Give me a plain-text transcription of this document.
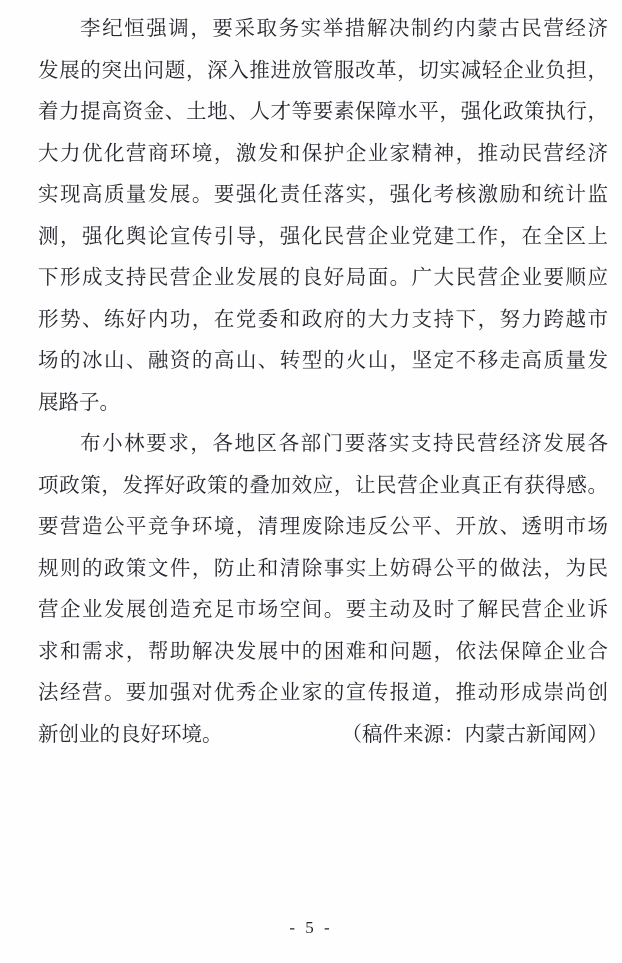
李纪恒强调，要采取务实举措解决制约内蒙古民营经济
发展的突出问题，深入推进放管服改革，切实减轻企业负担，
着力提高资金、土地、人才等要素保障水平，强化政策执行，
大力优化营商环境，激发和保护企业家精神，推动民营经济
实现高质量发展。要强化责任落实，强化考核激励和统计监
测，强化舆论宣传引导，强化民营企业党建工作，在全区上
下形成支持民营企业发展的良好局面。广大民营企业要顺应
形势、练好内功，在党委和政府的大力支持下，努力跨越市
场的冰山、融资的高山、转型的火山，坚定不移走高质量发
展路子。
布小林要求，各地区各部门要落实支持民营经济发展各
项政策，发挥好政策的叠加效应，让民营企业真正有获得感。
要营造公平竞争环境，清理废除违反公平、开放、透明市场
规则的政策文件，防止和清除事实上妨碍公平的做法，为民
营企业发展创造充足市场空间。要主动及时了解民营企业诉
求和需求，帮助解决发展中的困难和问题，依法保障企业合
法经营。要加强对优秀企业家的宣传报道，推动形成崇尚创
新创业的良好环境。	（稿件来源：内蒙古新闻网）
- 5 -
